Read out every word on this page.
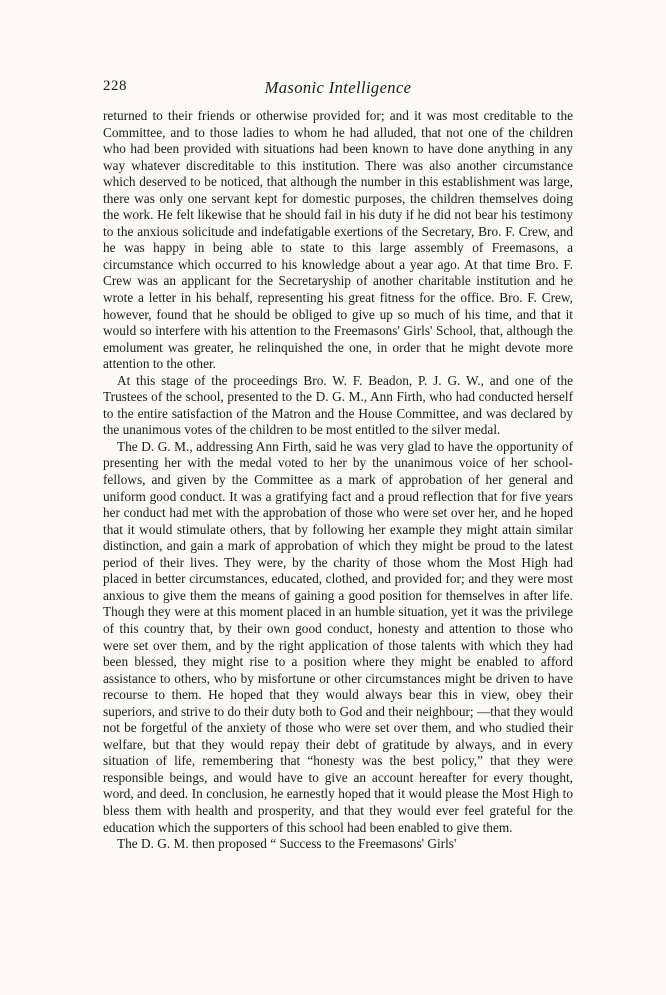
228	Masonic Intelligence

returned to their friends or otherwise provided for; and it was most creditable to the Committee, and to those ladies to whom he had alluded, that not one of the children who had been provided with situations had been known to have done anything in any way whatever discreditable to this institution. There was also another circumstance which deserved to be noticed, that although the number in this establishment was large, there was only one servant kept for domestic purposes, the children themselves doing the work. He felt likewise that he should fail in his duty if he did not bear his testimony to the anxious solicitude and indefatigable exertions of the Secretary, Bro. F. Crew, and he was happy in being able to state to this large assembly of Freemasons, a circumstance which occurred to his knowledge about a year ago. At that time Bro. F. Crew was an applicant for the Secretaryship of another charitable institution and he wrote a letter in his behalf, representing his great fitness for the office. Bro. F. Crew, however, found that he should be obliged to give up so much of his time, and that it would so interfere with his attention to the Freemasons' Girls' School, that, although the emolument was greater, he relinquished the one, in order that he might devote more attention to the other.

At this stage of the proceedings Bro. W. F. Beadon, P. J. G. W., and one of the Trustees of the school, presented to the D. G. M., Ann Firth, who had conducted herself to the entire satisfaction of the Matron and the House Committee, and was declared by the unanimous votes of the children to be most entitled to the silver medal.

The D. G. M., addressing Ann Firth, said he was very glad to have the opportunity of presenting her with the medal voted to her by the unanimous voice of her school-fellows, and given by the Committee as a mark of approbation of her general and uniform good conduct. It was a gratifying fact and a proud reflection that for five years her conduct had met with the approbation of those who were set over her, and he hoped that it would stimulate others, that by following her example they might attain similar distinction, and gain a mark of approbation of which they might be proud to the latest period of their lives. They were, by the charity of those whom the Most High had placed in better circumstances, educated, clothed, and provided for; and they were most anxious to give them the means of gaining a good position for themselves in after life. Though they were at this moment placed in an humble situation, yet it was the privilege of this country that, by their own good conduct, honesty and attention to those who were set over them, and by the right application of those talents with which they had been blessed, they might rise to a position where they might be enabled to afford assistance to others, who by misfortune or other circumstances might be driven to have recourse to them. He hoped that they would always bear this in view, obey their superiors, and strive to do their duty both to God and their neighbour; —that they would not be forgetful of the anxiety of those who were set over them, and who studied their welfare, but that they would repay their debt of gratitude by always, and in every situation of life, remembering that “honesty was the best policy,” that they were responsible beings, and would have to give an account hereafter for every thought, word, and deed. In conclusion, he earnestly hoped that it would please the Most High to bless them with health and prosperity, and that they would ever feel grateful for the education which the supporters of this school had been enabled to give them.

The D. G. M. then proposed “ Success to the Freemasons' Girls'
